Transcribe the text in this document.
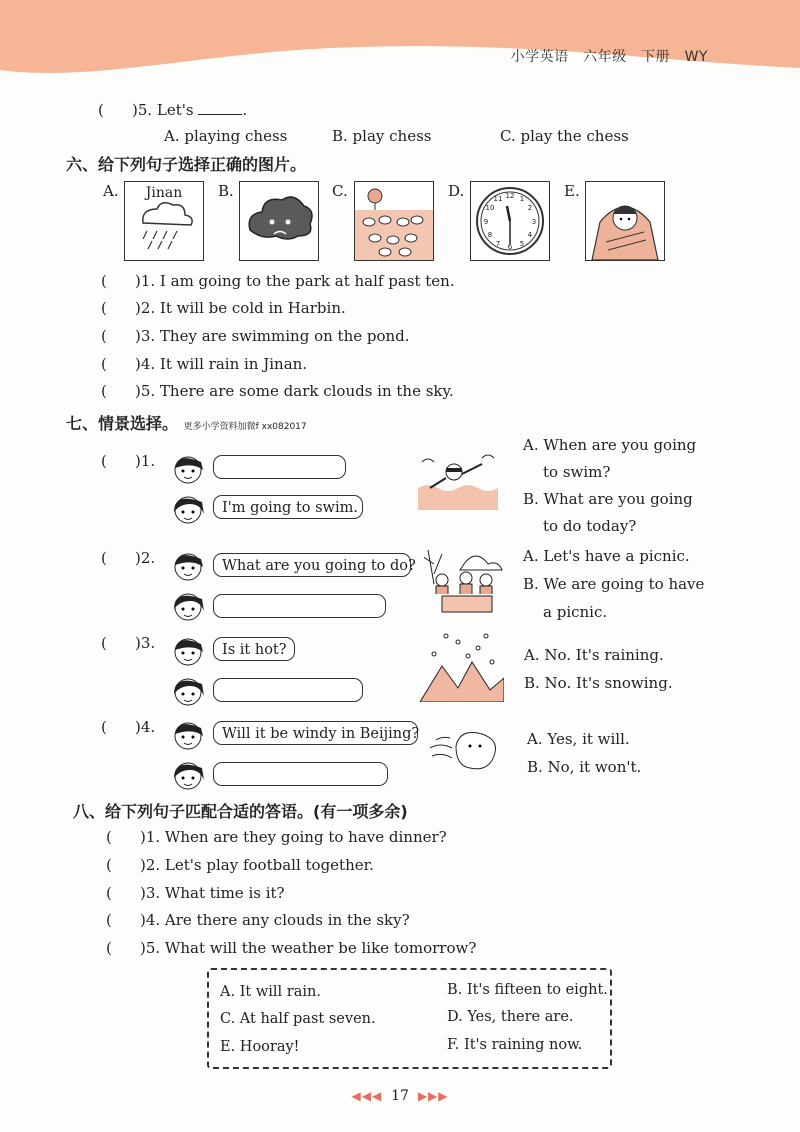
小学英语　六年级　下册　WY
( )5. Let's	.
A. playing chess	B. play chess	C. play the chess
六、给下列句子选择正确的图片。
A.	Jinan	B.	C.	D.	12 1
2
3
4
5
6
7
8
9
10
11	E.
( )1. I am going to the park at half past ten.
( )2. It will be cold in Harbin.
( )3. They are swimming on the pond.
( )4. It will rain in Jinan.
( )5. There are some dark clouds in the sky.
七、情景选择。 更多小学资料加微f xx082017
( )1.
I'm going to swim.
A. When are you going
to swim?
B. What are you going
to do today?
( )2.	What are you going to do?
A. Let's have a picnic.
B. We are going to have
a picnic.
( )3.	Is it hot?	A. No. It's raining.
B. No. It's snowing.
( )4.	Will it be windy in Beijing?	A. Yes, it will.
B. No, it won't.
八、给下列句子匹配合适的答语。(有一项多余)
( )1. When are they going to have dinner?
( )2. Let's play football together.
( )3. What time is it?
( )4. Are there any clouds in the sky?
( )5. What will the weather be like tomorrow?
A. It will rain.	B. It's fifteen to eight.
C. At half past seven.	D. Yes, there are.
E. Hooray!	F. It's raining now.
◀◀◀ 17 ▶▶▶
